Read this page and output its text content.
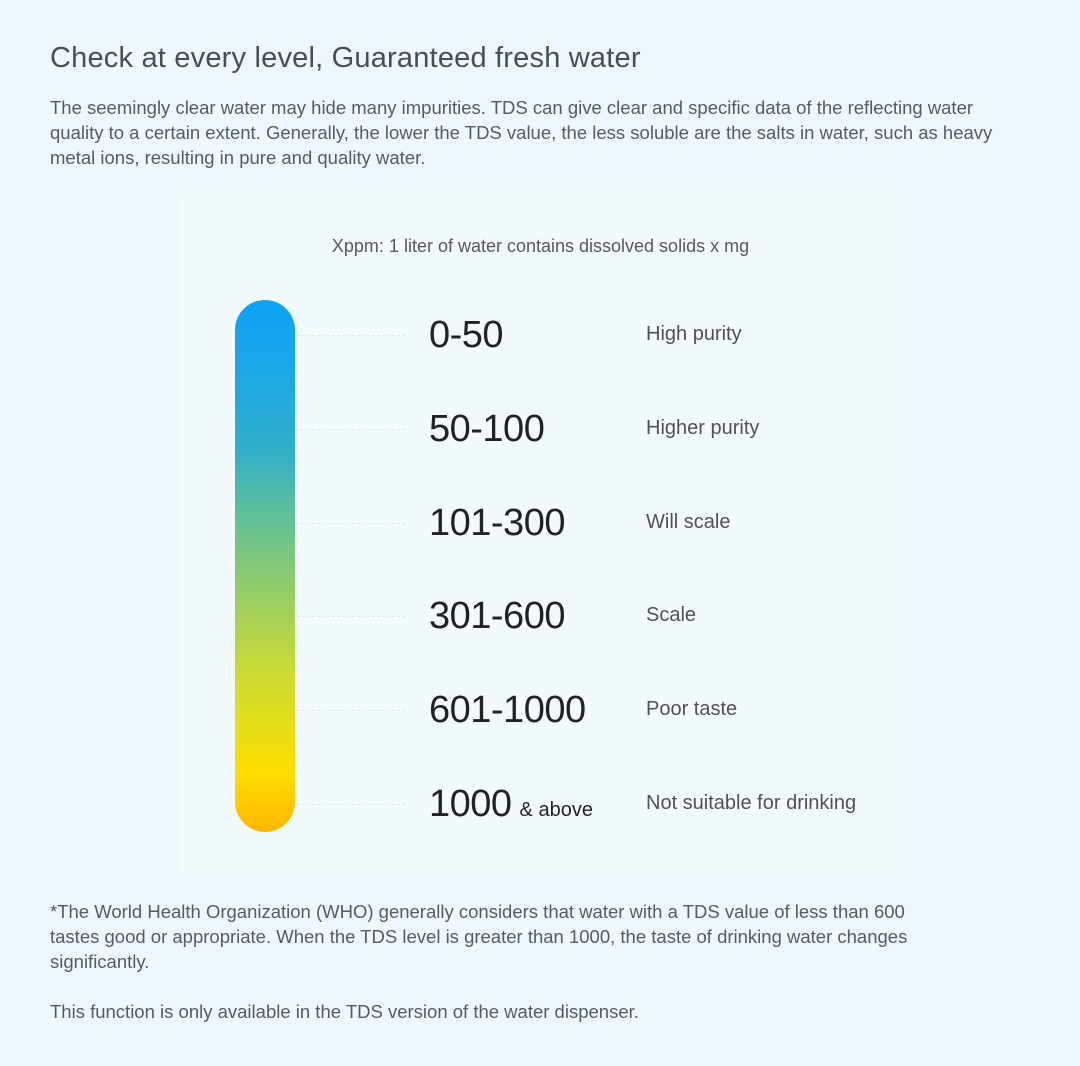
Check at every level, Guaranteed fresh water

The seemingly clear water may hide many impurities. TDS can give clear and specific data of the reflecting water quality to a certain extent. Generally, the lower the TDS value, the less soluble are the salts in water, such as heavy metal ions, resulting in pure and quality water.

Xppm: 1 liter of water contains dissolved solids x mg
0-50	High purity
50-100	Higher purity
101-300	Will scale
301-600	Scale
601-1000	Poor taste
1000 & above	Not suitable for drinking

*The World Health Organization (WHO) generally considers that water with a TDS value of less than 600 tastes good or appropriate. When the TDS level is greater than 1000, the taste of drinking water changes significantly.

This function is only available in the TDS version of the water dispenser.
